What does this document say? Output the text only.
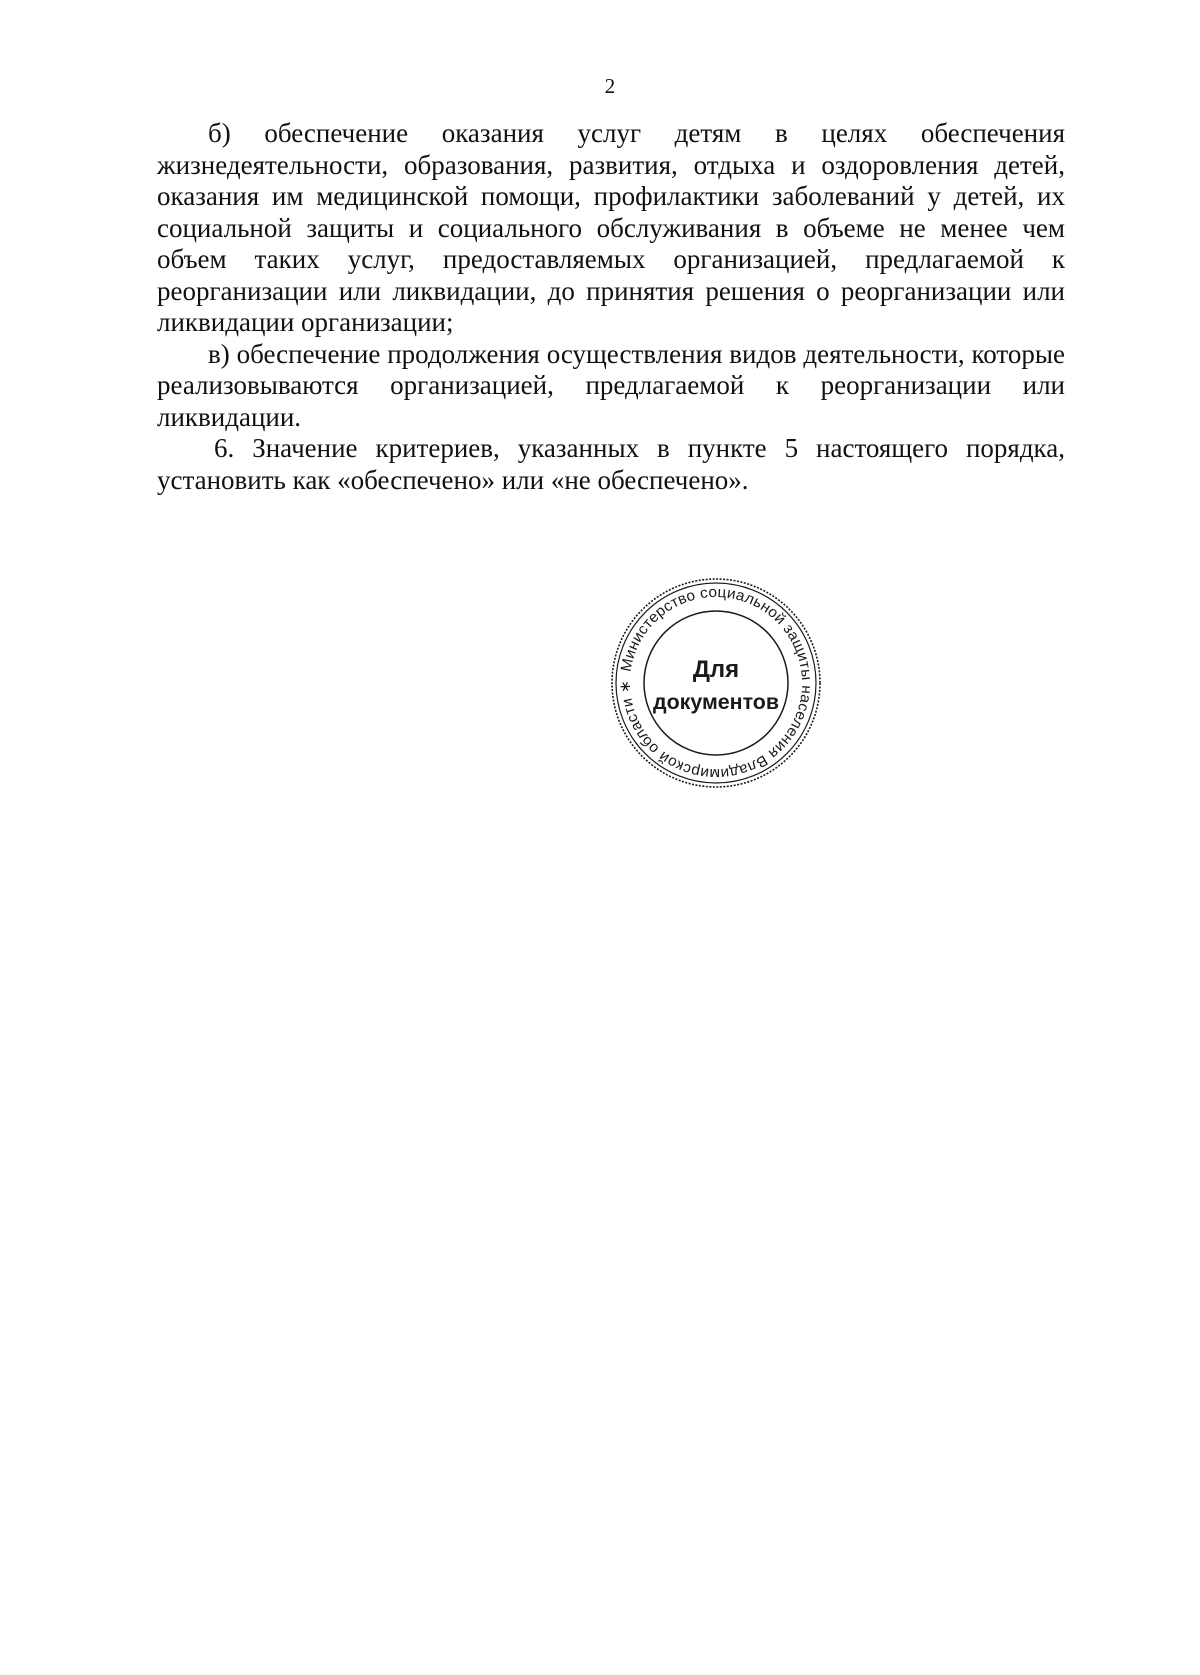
2

б) обеспечение оказания услуг детям в целях обеспечения жизнедеятельности, образования, развития, отдыха и оздоровления детей, оказания им медицинской помощи, профилактики заболеваний у детей, их социальной защиты и социального обслуживания в объеме не менее чем объем таких услуг, предоставляемых организацией, предлагаемой к реорганизации или ликвидации, до принятия решения о реорганизации или ликвидации организации;

в) обеспечение продолжения осуществления видов деятельности, которые реализовываются организацией, предлагаемой к реорганизации или ликвидации.

6. Значение критериев, указанных в пункте 5 настоящего порядка, установить как «обеспечено» или «не обеспечено».

Министерство социальной защиты населения Владимирской области ∗
Для
документов
